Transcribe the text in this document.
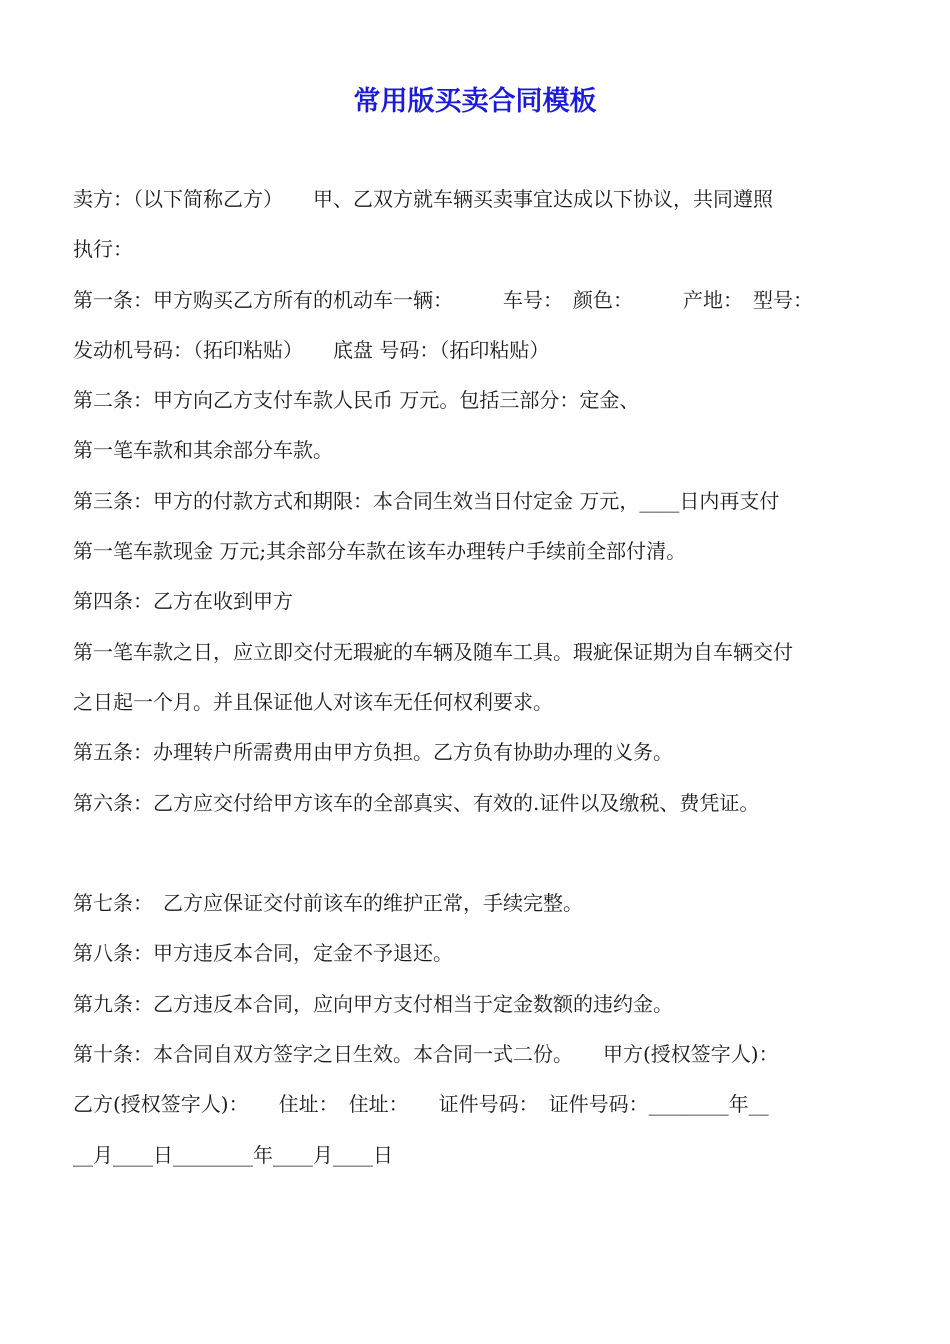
常用版买卖合同模板
卖方：（以下简称乙方）　　甲、乙双方就车辆买卖事宜达成以下协议，共同遵照
执行：
第一条：甲方购买乙方所有的机动车一辆：　　　车号：　颜色：　　　产地：　型号：
发动机号码：（拓印粘贴）　　底盘 号码：（拓印粘贴）
第二条：甲方向乙方支付车款人民币 万元。包括三部分：定金、
第一笔车款和其余部分车款。
第三条：甲方的付款方式和期限：本合同生效当日付定金 万元，____日内再支付
第一笔车款现金 万元;其余部分车款在该车办理转户手续前全部付清。
第四条：乙方在收到甲方
第一笔车款之日，应立即交付无瑕疵的车辆及随车工具。瑕疵保证期为自车辆交付
之日起一个月。并且保证他人对该车无任何权利要求。
第五条：办理转户所需费用由甲方负担。乙方负有协助办理的义务。
第六条：乙方应交付给甲方该车的全部真实、有效的.证件以及缴税、费凭证。
第七条：　乙方应保证交付前该车的维护正常，手续完整。
第八条：甲方违反本合同，定金不予退还。
第九条：乙方违反本合同，应向甲方支付相当于定金数额的违约金。
第十条：本合同自双方签字之日生效。本合同一式二份。　　甲方(授权签字人)：
乙方(授权签字人)：　　住址：　住址：　　证件号码：　证件号码：________年__
__月____日________年____月____日
